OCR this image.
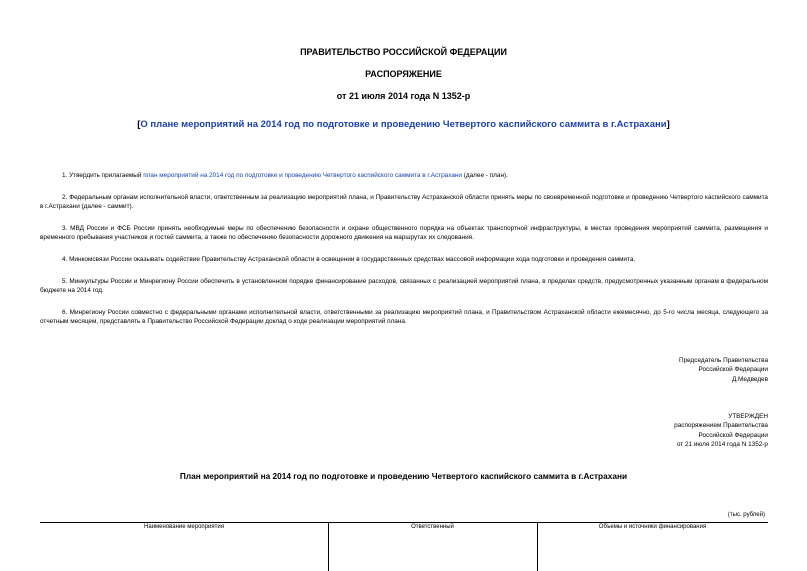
ПРАВИТЕЛЬСТВО РОССИЙСКОЙ ФЕДЕРАЦИИ
РАСПОРЯЖЕНИЕ
от 21 июля 2014 года N 1352-р
[О плане мероприятий на 2014 год по подготовке и проведению Четвертого каспийского саммита в г.Астрахани]
1. Утвердить прилагаемый план мероприятий на 2014 год по подготовке и проведению Четвертого каспийского саммита в г.Астрахани (далее - план).
2. Федеральным органам исполнительной власти, ответственным за реализацию мероприятий плана, и Правительству Астраханской области принять меры по своевременной подготовке и проведению Четвертого каспийского саммита в г.Астрахани (далее - саммит).
3. МВД России и ФСБ России принять необходимые меры по обеспечению безопасности и охране общественного порядка на объектах транспортной инфраструктуры, в местах проведения мероприятий саммита, размещения и временного пребывания участников и гостей саммита, а также по обеспечению безопасности дорожного движения на маршрутах их следования.
4. Минкомсвязи России оказывать содействие Правительству Астраханской области в освещении в государственных средствах массовой информации хода подготовки и проведения саммита.
5. Минкультуры России и Минрегиону России обеспечить в установленном порядке финансирование расходов, связанных с реализацией мероприятий плана, в пределах средств, предусмотренных указанным органам в федеральном бюджете на 2014 год.
6. Минрегиону России совместно с федеральными органами исполнительной власти, ответственными за реализацию мероприятий плана, и Правительством Астраханской области ежемесячно, до 5-го числа месяца, следующего за отчетным месяцем, представлять в Правительство Российской Федерации доклад о ходе реализации мероприятий плана.
Председатель Правительства
Российской Федерации
Д.Медведев
УТВЕРЖДЕН
распоряжением Правительства
Российской Федерации
от 21 июля 2014 года N 1352-р
План мероприятий на 2014 год по подготовке и проведению Четвертого каспийского саммита в г.Астрахани
(тыс. рублей)
Наименование мероприятия	Ответственный	Объемы и источники финансирования
